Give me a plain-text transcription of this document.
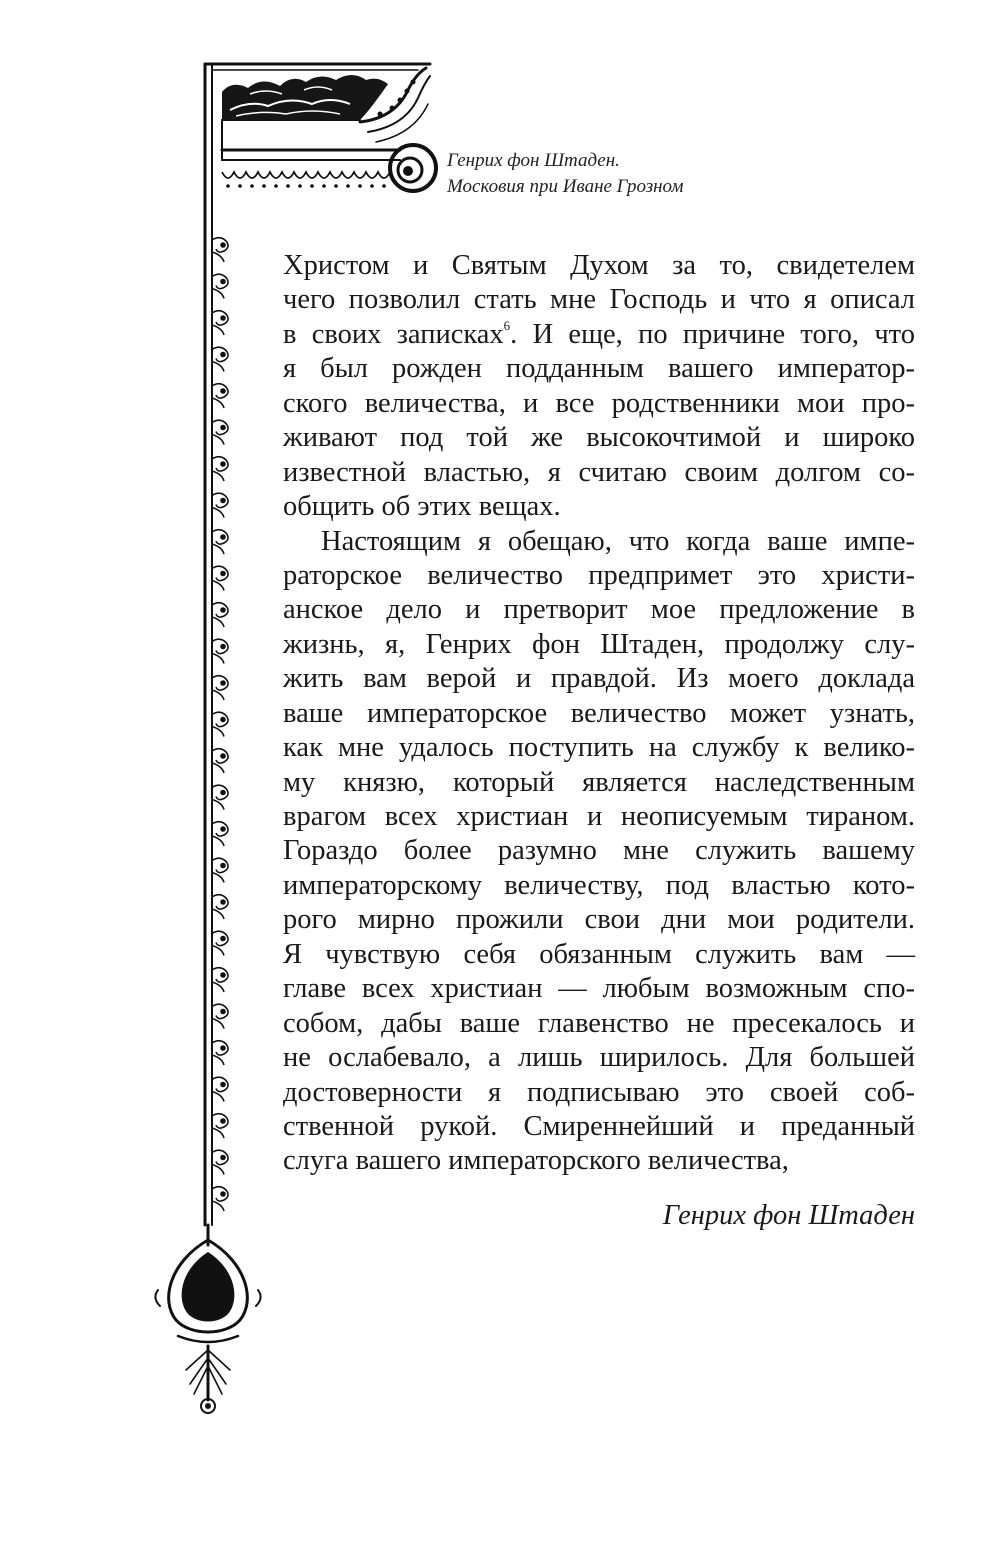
Генрих фон Штаден.
Московия при Иване Грозном
Христом и Святым Духом за то, свидетелем
чего позволил стать мне Господь и что я описал
в своих записках$^6$. И еще, по причине того, что
я был рожден подданным вашего император-
ского величества, и все родственники мои про-
живают под той же высокочтимой и широко
известной властью, я считаю своим долгом со-
общить об этих вещах.
Настоящим я обещаю, что когда ваше импе-
раторское величество предпримет это христи-
анское дело и претворит мое предложение в
жизнь, я, Генрих фон Штаден, продолжу слу-
жить вам верой и правдой. Из моего доклада
ваше императорское величество может узнать,
как мне удалось поступить на службу к велико-
му князю, который является наследственным
врагом всех христиан и неописуемым тираном.
Гораздо более разумно мне служить вашему
императорскому величеству, под властью кото-
рого мирно прожили свои дни мои родители.
Я чувствую себя обязанным служить вам —
главе всех христиан — любым возможным спо-
собом, дабы ваше главенство не пресекалось и
не ослабевало, а лишь ширилось. Для большей
достоверности я подписываю это своей соб-
ственной рукой. Смиреннейший и преданный
слуга вашего императорского величества,
Генрих фон Штаден
